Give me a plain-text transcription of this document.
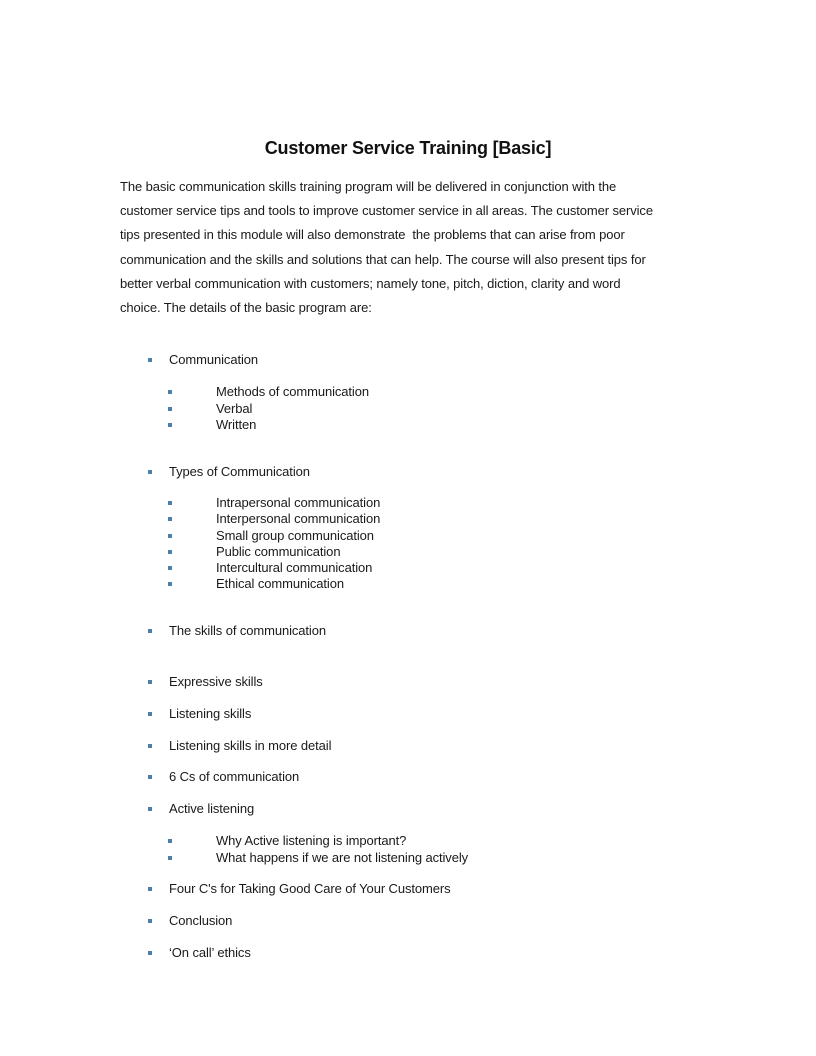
Customer Service Training [Basic]
The basic communication skills training program will be delivered in conjunction with the
customer service tips and tools to improve customer service in all areas. The customer service
tips presented in this module will also demonstrate  the problems that can arise from poor
communication and the skills and solutions that can help. The course will also present tips for
better verbal communication with customers; namely tone, pitch, diction, clarity and word
choice. The details of the basic program are:
Communication
Methods of communication
Verbal
Written
Types of Communication
Intrapersonal communication
Interpersonal communication
Small group communication
Public communication
Intercultural communication
Ethical communication
The skills of communication
Expressive skills
Listening skills
Listening skills in more detail
6 Cs of communication
Active listening
Why Active listening is important?
What happens if we are not listening actively
Four C's for Taking Good Care of Your Customers
Conclusion
‘On call’ ethics
